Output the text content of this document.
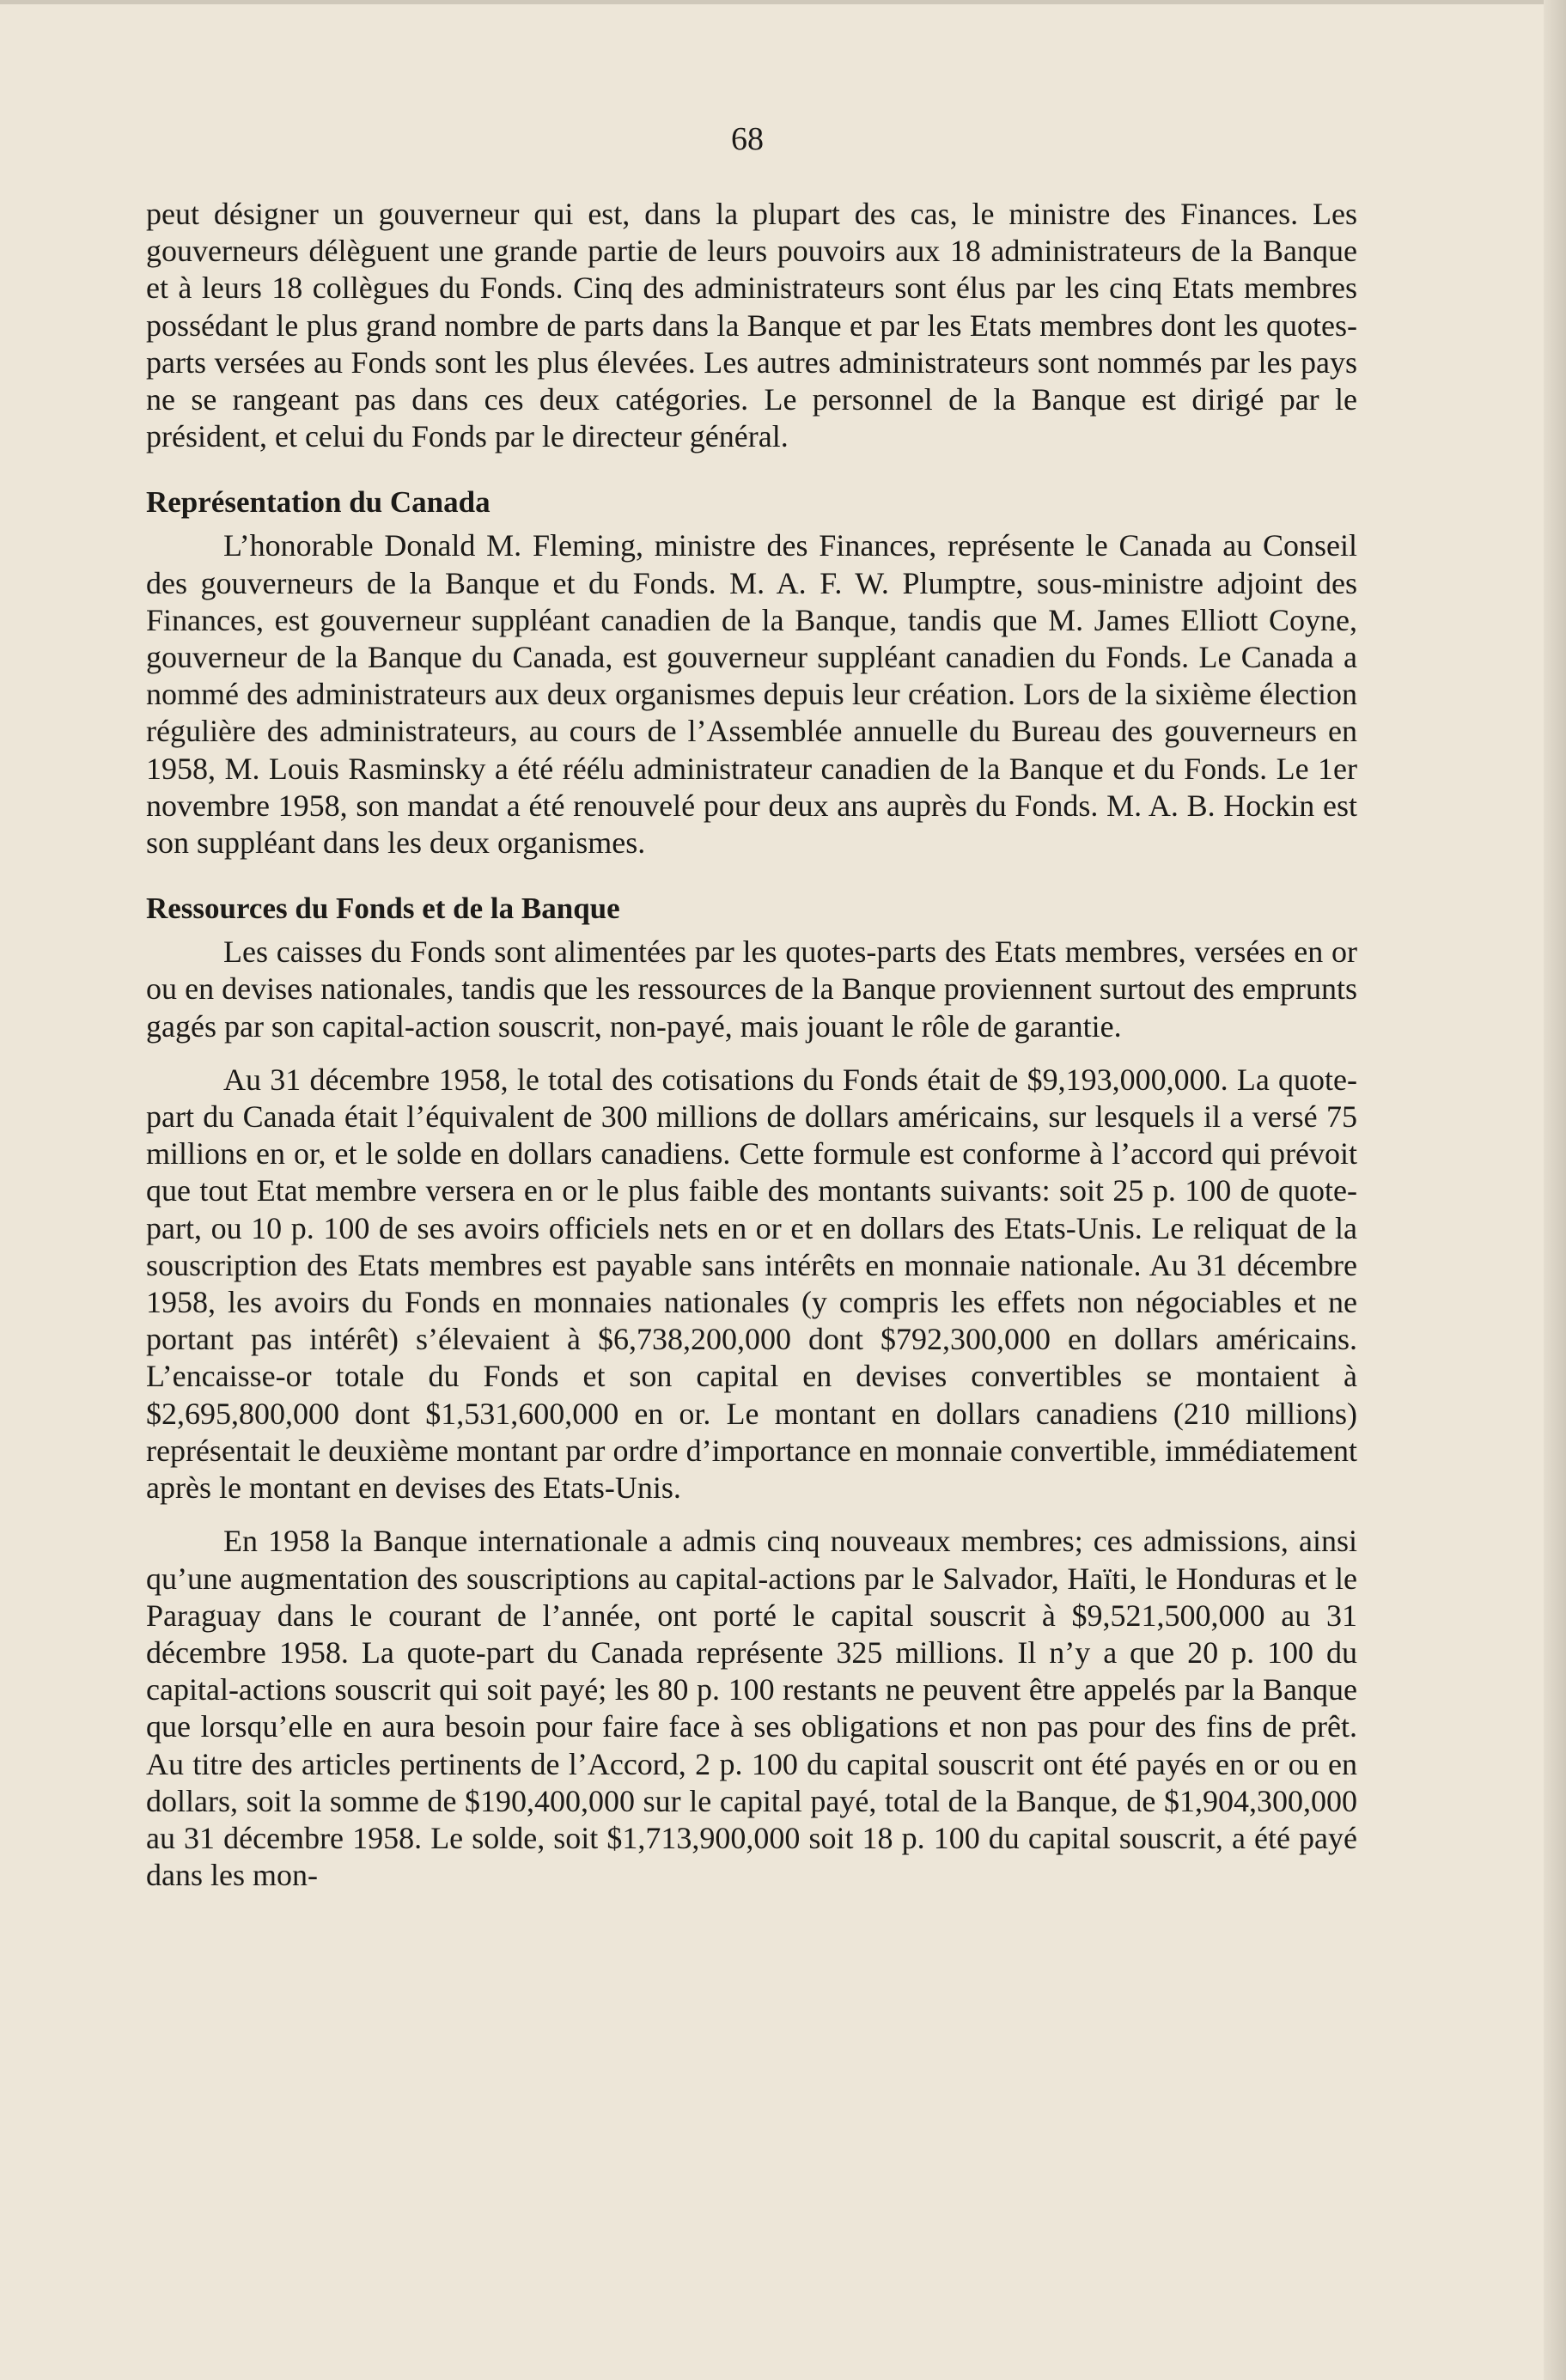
68

peut désigner un gouverneur qui est, dans la plupart des cas, le ministre des Finances. Les gouverneurs délèguent une grande partie de leurs pouvoirs aux 18 administrateurs de la Banque et à leurs 18 collègues du Fonds. Cinq des administrateurs sont élus par les cinq Etats membres possédant le plus grand nombre de parts dans la Banque et par les Etats membres dont les quotes-parts versées au Fonds sont les plus élevées. Les autres administrateurs sont nommés par les pays ne se rangeant pas dans ces deux catégories. Le personnel de la Banque est dirigé par le président, et celui du Fonds par le directeur général.

Représentation du Canada

L’honorable Donald M. Fleming, ministre des Finances, représente le Canada au Conseil des gouverneurs de la Banque et du Fonds. M. A. F. W. Plumptre, sous-ministre adjoint des Finances, est gouverneur suppléant canadien de la Banque, tandis que M. James Elliott Coyne, gouverneur de la Banque du Canada, est gouverneur suppléant canadien du Fonds. Le Canada a nommé des administrateurs aux deux organismes depuis leur création. Lors de la sixième élection régulière des administrateurs, au cours de l’Assemblée annuelle du Bureau des gouverneurs en 1958, M. Louis Rasminsky a été réélu administrateur canadien de la Banque et du Fonds. Le 1er novembre 1958, son mandat a été renouvelé pour deux ans auprès du Fonds. M. A. B. Hockin est son suppléant dans les deux organismes.

Ressources du Fonds et de la Banque

Les caisses du Fonds sont alimentées par les quotes-parts des Etats membres, versées en or ou en devises nationales, tandis que les ressources de la Banque proviennent surtout des emprunts gagés par son capital-action souscrit, non-payé, mais jouant le rôle de garantie.

Au 31 décembre 1958, le total des cotisations du Fonds était de $9,193,000,000. La quote-part du Canada était l’équivalent de 300 millions de dollars américains, sur lesquels il a versé 75 millions en or, et le solde en dollars canadiens. Cette formule est conforme à l’accord qui prévoit que tout Etat membre versera en or le plus faible des montants suivants: soit 25 p. 100 de quote-part, ou 10 p. 100 de ses avoirs officiels nets en or et en dollars des Etats-Unis. Le reliquat de la souscription des Etats membres est payable sans intérêts en monnaie nationale. Au 31 décembre 1958, les avoirs du Fonds en monnaies nationales (y compris les effets non négociables et ne portant pas intérêt) s’élevaient à $6,738,200,000 dont $792,300,000 en dollars américains. L’encaisse-or totale du Fonds et son capital en devises convertibles se montaient à $2,695,800,000 dont $1,531,600,000 en or. Le montant en dollars canadiens (210 millions) représentait le deuxième montant par ordre d’importance en monnaie convertible, immédiatement après le montant en devises des Etats-Unis.

En 1958 la Banque internationale a admis cinq nouveaux membres; ces admissions, ainsi qu’une augmentation des souscriptions au capital-actions par le Salvador, Haïti, le Honduras et le Paraguay dans le courant de l’année, ont porté le capital souscrit à $9,521,500,000 au 31 décembre 1958. La quote-part du Canada représente 325 millions. Il n’y a que 20 p. 100 du capital-actions souscrit qui soit payé; les 80 p. 100 restants ne peuvent être appelés par la Banque que lorsqu’elle en aura besoin pour faire face à ses obligations et non pas pour des fins de prêt. Au titre des articles pertinents de l’Accord, 2 p. 100 du capital souscrit ont été payés en or ou en dollars, soit la somme de $190,400,000 sur le capital payé, total de la Banque, de $1,904,300,000 au 31 décembre 1958. Le solde, soit $1,713,900,000 soit 18 p. 100 du capital souscrit, a été payé dans les mon-
